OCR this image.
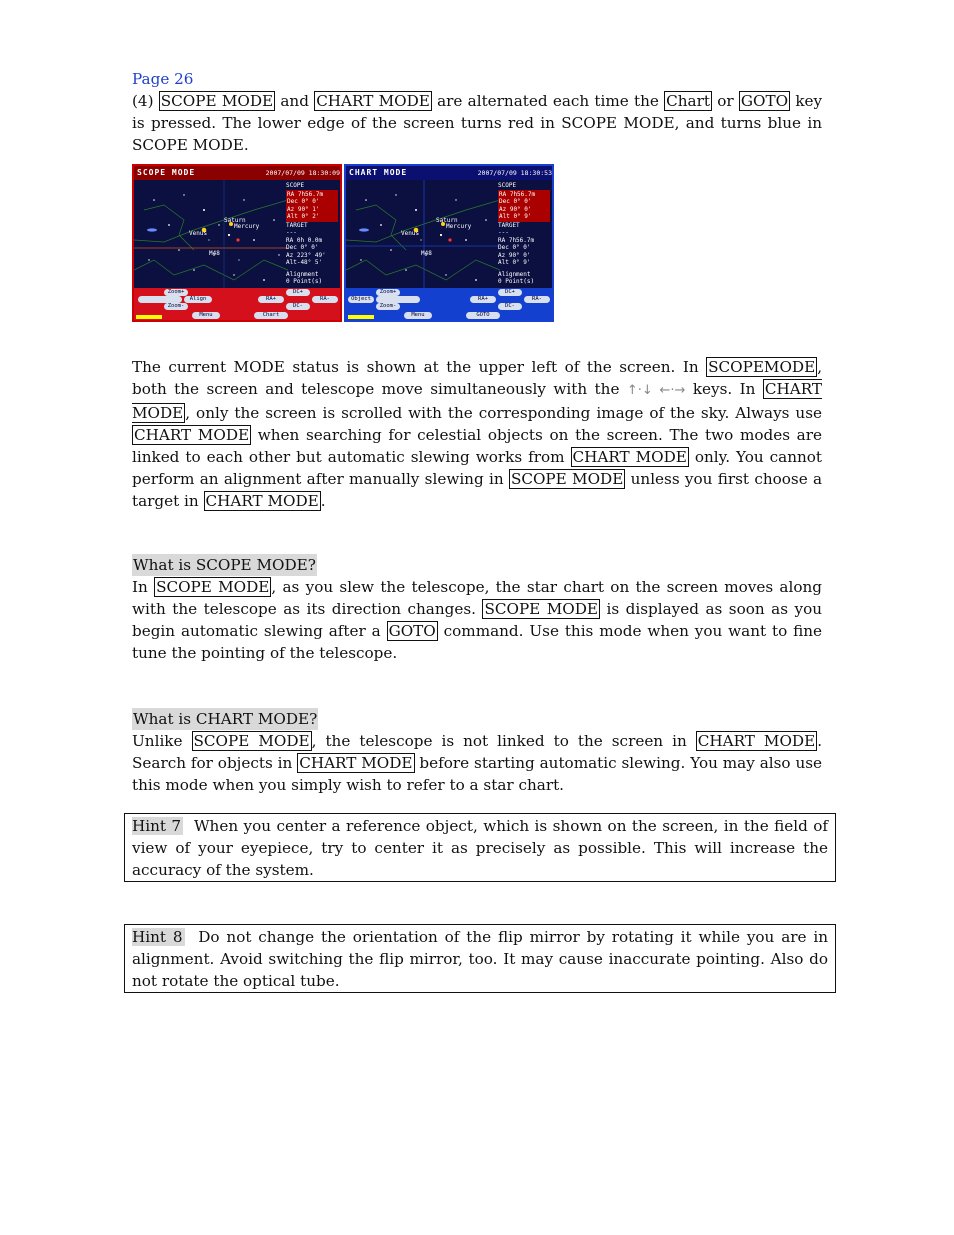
Page 26

(4) SCOPE MODE and CHART MODE are alternated each time the Chart or GOTO key is pressed. The lower edge of the screen turns red in SCOPE MODE, and turns blue in SCOPE MODE.

SCOPE MODE	2007/07/09 18:30:09
Venus
Saturn
Mercury
M48
SCOPE
RA 7h56.7m
Dec 0° 0'
Az 90° 1'
Alt 0° 2'
TARGET
---
RA 0h 0.0m
Dec 0° 0'
Az 223° 49'
Alt-48° 5'
Alignment
0 Point(s)
Zoom+
Align
Zoom-
Menu
RA+
DC+
RA-
DC-
Chart
CHART MODE	2007/07/09 18:30:53
Venus
Saturn
Mercury
M48
SCOPE
RA 7h56.7m
Dec 0° 0'
Az 90° 0'
Alt 0° 9'
TARGET
---
RA 7h56.7m
Dec 0° 0'
Az 90° 0'
Alt 0° 9'
Alignment
0 Point(s)
Zoom+
Object
Zoom-
Menu
RA+
DC+
RA-
DC-
GOTO

The current MODE status is shown at the upper left of the screen. In SCOPEMODE , both the screen and telescope move simultaneously with the ↑·↓ ←·→ keys. In CHART MODE , only the screen is scrolled with the corresponding image of the sky. Always use CHART MODE when searching for celestial objects on the screen. The two modes are linked to each other but automatic slewing works from CHART MODE only. You cannot perform an alignment after manually slewing in SCOPE MODE unless you first choose a target in CHART MODE .

What is SCOPE MODE?

In SCOPE MODE , as you slew the telescope, the star chart on the screen moves along with the telescope as its direction changes. SCOPE MODE is displayed as soon as you begin automatic slewing after a GOTO command. Use this mode when you want to fine tune the pointing of the telescope.

What is CHART MODE?

Unlike SCOPE MODE , the telescope is not linked to the screen in CHART MODE . Search for objects in CHART MODE before starting automatic slewing. You may also use this mode when you simply wish to refer to a star chart.

Hint 7 When you center a reference object, which is shown on the screen, in the field of view of your eyepiece, try to center it as precisely as possible. This will increase the accuracy of the system.
Hint 8 Do not change the orientation of the flip mirror by rotating it while you are in alignment. Avoid switching the flip mirror, too. It may cause inaccurate pointing. Also do not rotate the optical tube.
